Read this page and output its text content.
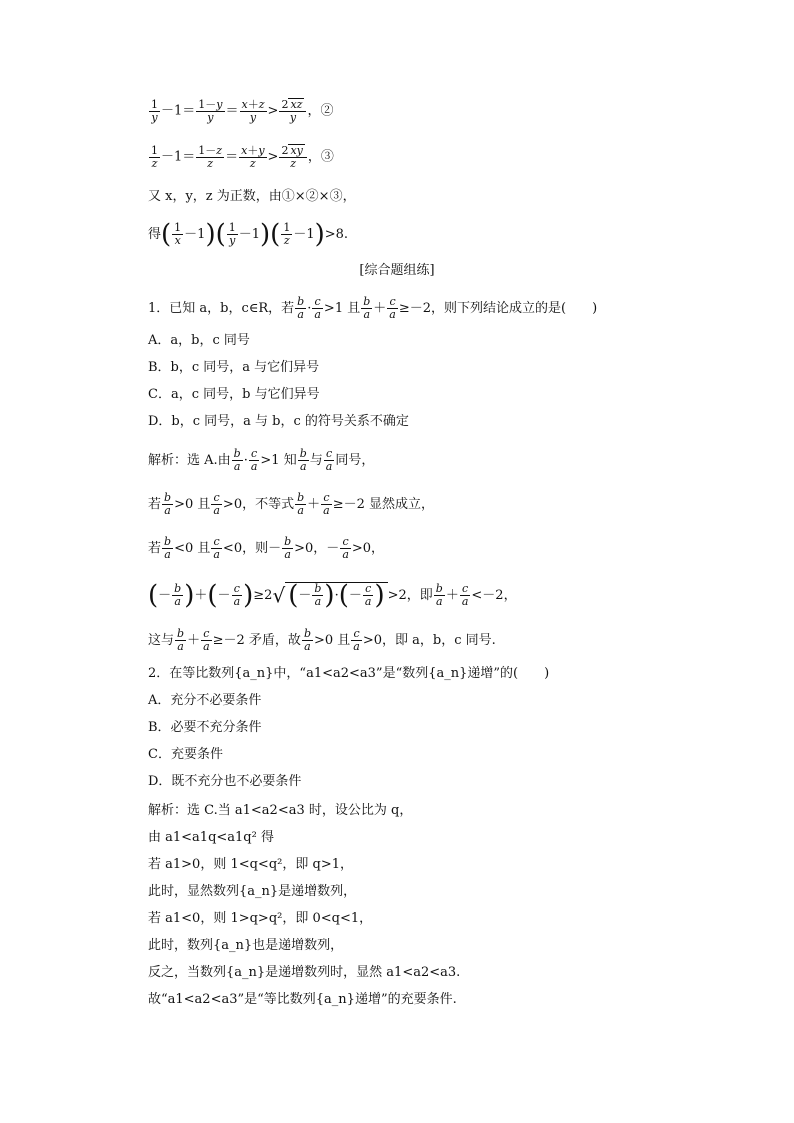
$\frac{1}{y} -1= \frac{1-y}{y} = \frac{x+z}{y} > \frac{2 xz}{y}$ ，②
$\frac{1}{z} -1= \frac{1-z}{z} = \frac{x+y}{z} > \frac{2 xy}{z}$ ，③
又 x，y，z 为正数，由①×②×③，
得( $\frac{1}{x} -1)( \frac{1}{y} -1)( \frac{1}{z} -1)>8$.
[综合题组练]
1．已知 a，b，c∈R，若 $\frac{b}{a} \cdot \frac{c}{a} >1$ 且 $\frac{b}{a} + \frac{c}{a} \ge-2$，则下列结论成立的是(　　)
A．a，b，c 同号
B．b，c 同号，a 与它们异号
C．a，c 同号，b 与它们异号
D．b，c 同号，a 与 b，c 的符号关系不确定
解析：选 A.由 $\frac{b}{a} \cdot \frac{c}{a} >1$ 知 $\frac{b}{a}$ 与 $\frac{c}{a}$ 同号，
若 $\frac{b}{a} >0$ 且 $\frac{c}{a} >0$，不等式 $\frac{b}{a} + \frac{c}{a} \ge-2$ 显然成立，
若 $\frac{b}{a} <0$ 且 $\frac{c}{a} <0$，则－ $\frac{b}{a} >0$，－ $\frac{c}{a} >0$，
(－ $\frac{b}{a}$ )＋(－ $\frac{c}{a} )\ge 2√$ (－ $\frac{b}{a}$ )·(－ $\frac{c}{a}$ ) >2，即 $\frac{b}{a} + \frac{c}{a} <-2$，
这与 $\frac{b}{a} + \frac{c}{a} \ge-2$ 矛盾，故 $\frac{b}{a} >0$ 且 $\frac{c}{a} >0$，即 a，b，c 同号.
2．在等比数列{a_n}中，“a1<a2<a3”是“数列{a_n}递增”的(　　)
A．充分不必要条件
B．必要不充分条件
C．充要条件
D．既不充分也不必要条件
解析：选 C.当 a1<a2<a3 时，设公比为 q，
由 a1<a1q<a1q² 得
若 a1>0，则 1<q<q²，即 q>1，
此时，显然数列{a_n}是递增数列，
若 a1<0，则 1>q>q²，即 0<q<1，
此时，数列{a_n}也是递增数列，
反之，当数列{a_n}是递增数列时，显然 a1<a2<a3.
故“a1<a2<a3”是“等比数列{a_n}递增”的充要条件.
